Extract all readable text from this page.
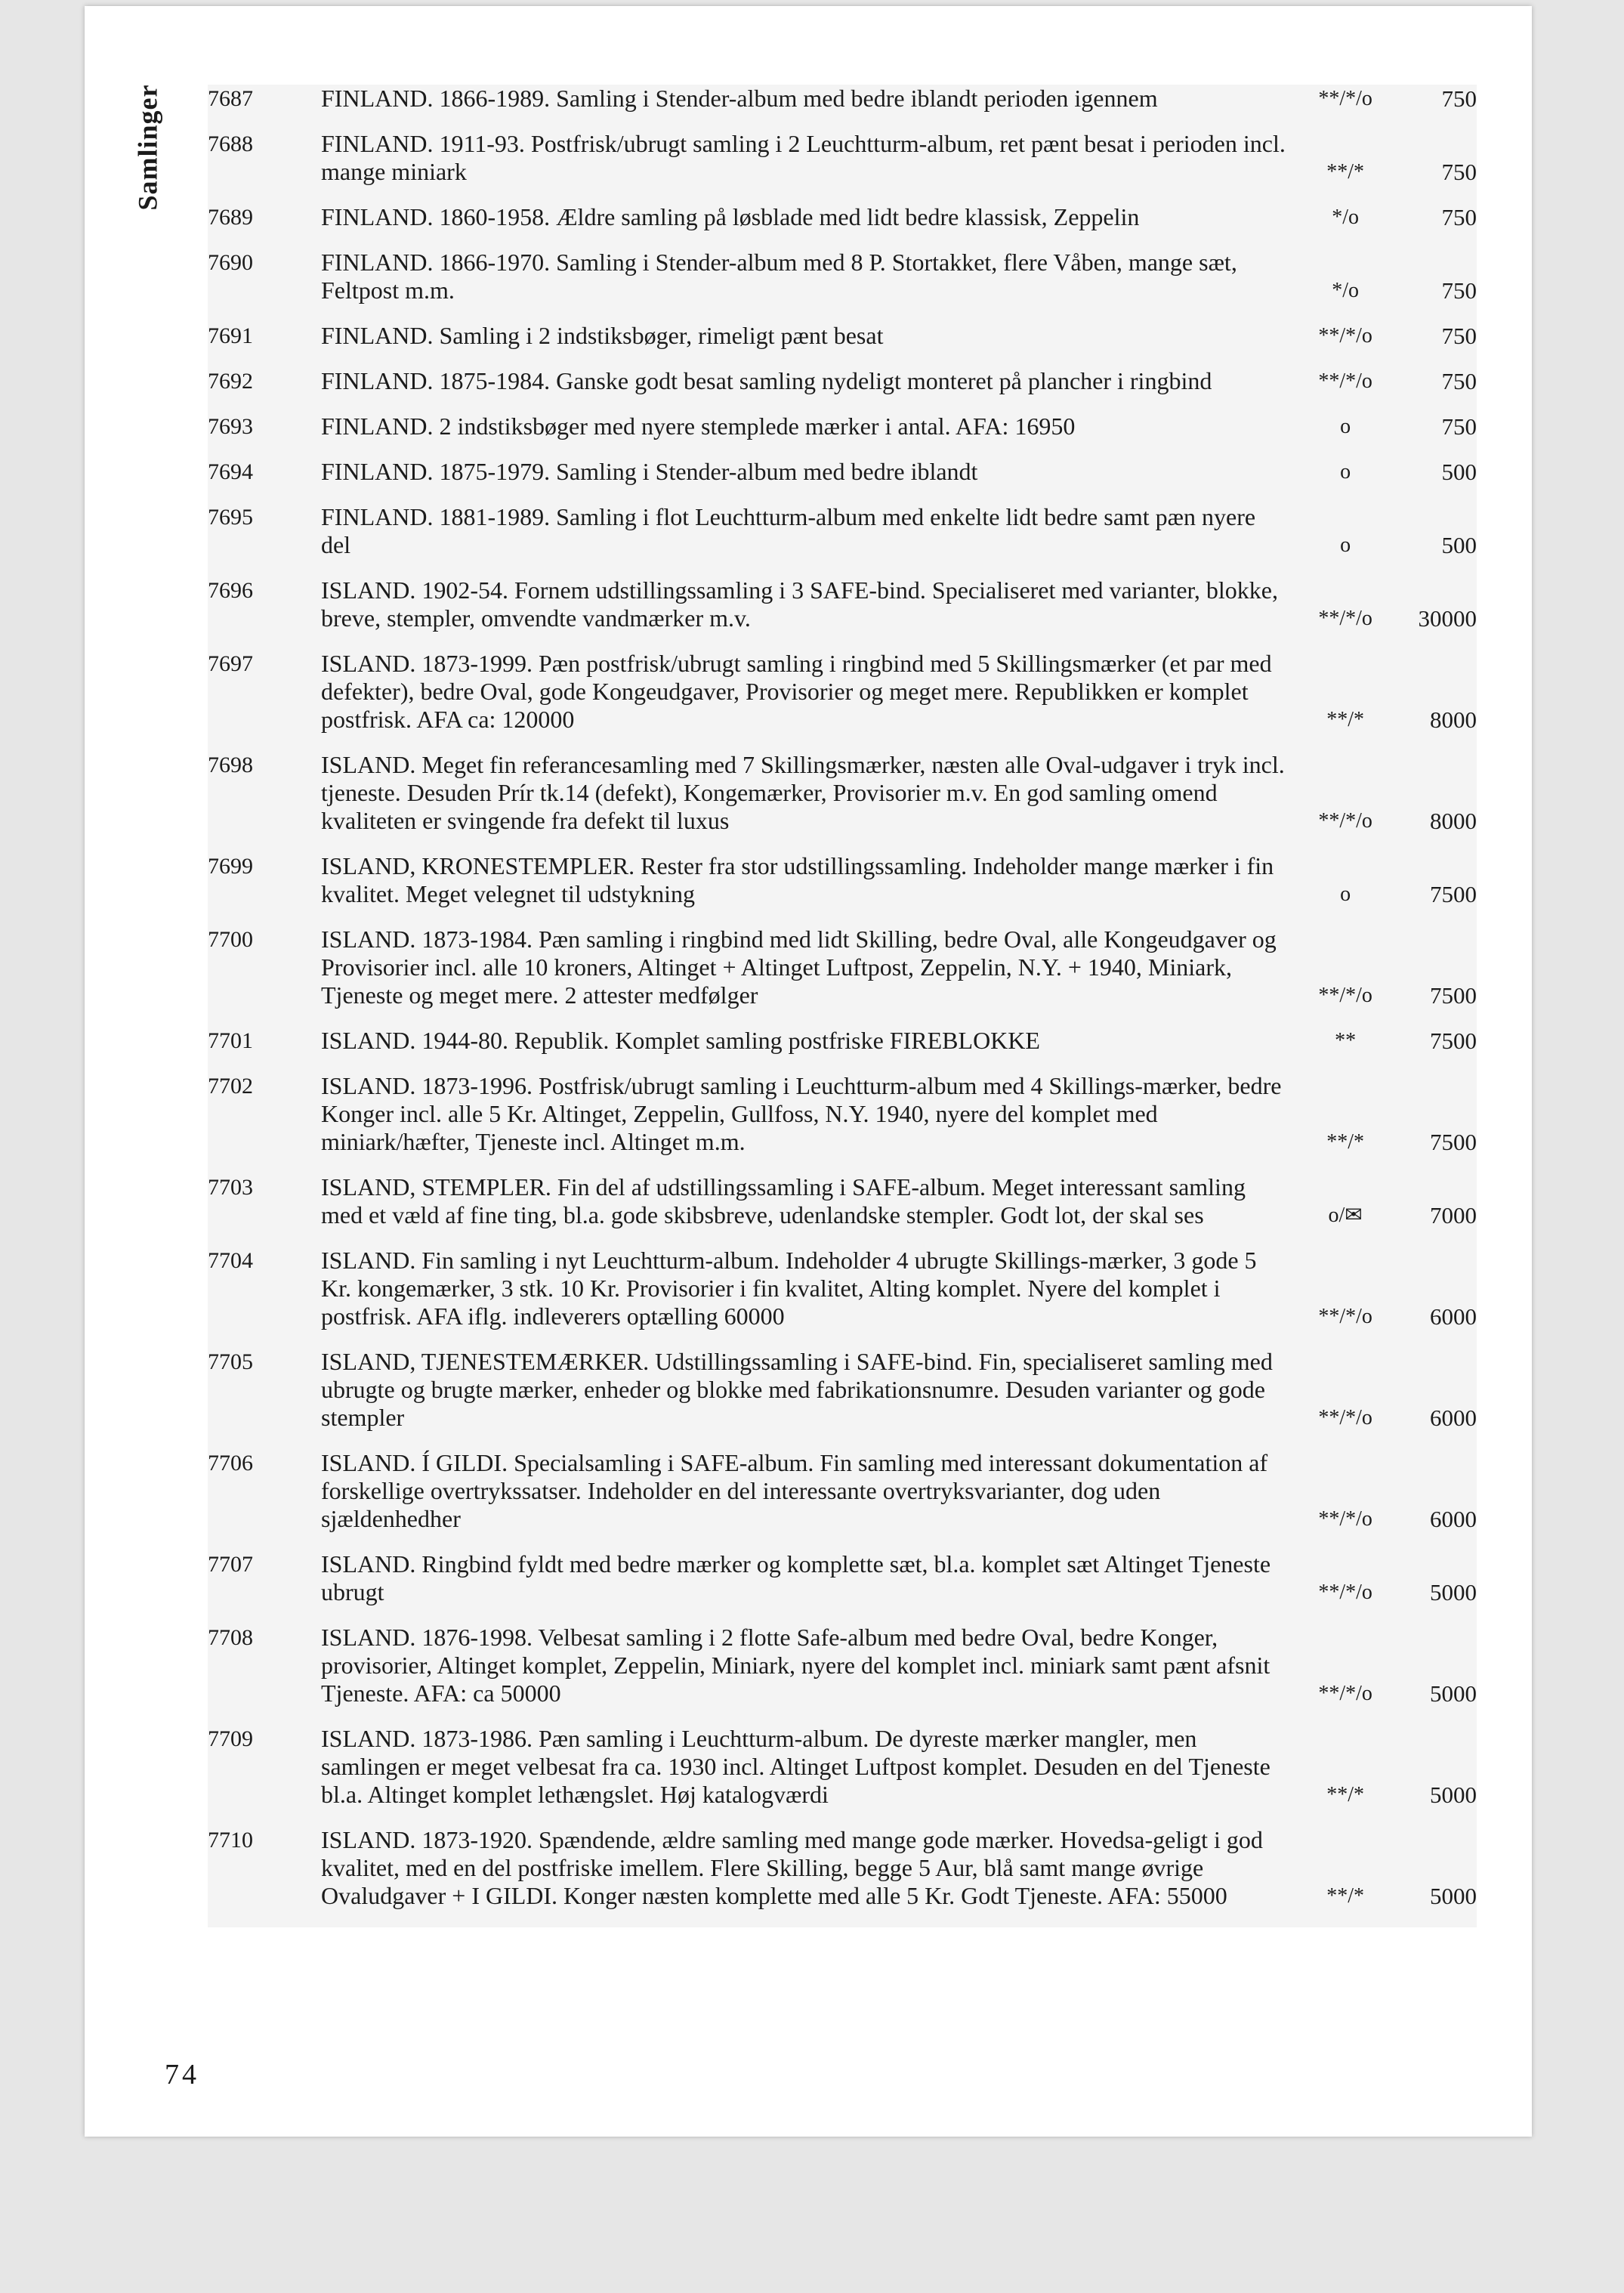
Samlinger 7687	FINLAND. 1866-1989. Samling i Stender-album med bedre iblandt perioden igennem	**/*/o	750
7688	FINLAND. 1911-93. Postfrisk/ubrugt samling i 2 Leuchtturm-album, ret pænt besat i perioden incl. mange miniark	**/*	750
7689	FINLAND. 1860-1958. Ældre samling på løsblade med lidt bedre klassisk, Zeppelin	*/o	750
7690	FINLAND. 1866-1970. Samling i Stender-album med 8 P. Stortakket, flere Våben, mange sæt, Feltpost m.m.	*/o	750
7691	FINLAND. Samling i 2 indstiksbøger, rimeligt pænt besat	**/*/o	750
7692	FINLAND. 1875-1984. Ganske godt besat samling nydeligt monteret på plancher i ringbind	**/*/o	750
7693	FINLAND. 2 indstiksbøger med nyere stemplede mærker i antal. AFA: 16950	o	750
7694	FINLAND. 1875-1979. Samling i Stender-album med bedre iblandt	o	500
7695	FINLAND. 1881-1989. Samling i flot Leuchtturm-album med enkelte lidt bedre samt pæn nyere del	o	500
7696	ISLAND. 1902-54. Fornem udstillingssamling i 3 SAFE-bind. Specialiseret med varianter, blokke, breve, stempler, omvendte vandmærker m.v.	**/*/o	30000
7697	ISLAND. 1873-1999. Pæn postfrisk/ubrugt samling i ringbind med 5 Skillingsmærker (et par med defekter), bedre Oval, gode Kongeudgaver, Provisorier og meget mere. Republikken er komplet postfrisk. AFA ca: 120000	**/*	8000
7698	ISLAND. Meget fin referancesamling med 7 Skillingsmærker, næsten alle Oval-udgaver i tryk incl. tjeneste. Desuden Prír tk.14 (defekt), Kongemærker, Provisorier m.v. En god samling omend kvaliteten er svingende fra defekt til luxus	**/*/o	8000
7699	ISLAND, KRONESTEMPLER. Rester fra stor udstillingssamling. Indeholder mange mærker i fin kvalitet. Meget velegnet til udstykning	o	7500
7700	ISLAND. 1873-1984. Pæn samling i ringbind med lidt Skilling, bedre Oval, alle Kongeudgaver og Provisorier incl. alle 10 kroners, Altinget + Altinget Luftpost, Zeppelin, N.Y. + 1940, Miniark, Tjeneste og meget mere. 2 attester medfølger	**/*/o	7500
7701	ISLAND. 1944-80. Republik. Komplet samling postfriske FIREBLOKKE	**	7500
7702	ISLAND. 1873-1996. Postfrisk/ubrugt samling i Leuchtturm-album med 4 Skillings-mærker, bedre Konger incl. alle 5 Kr. Altinget, Zeppelin, Gullfoss, N.Y. 1940, nyere del komplet med miniark/hæfter, Tjeneste incl. Altinget m.m.	**/*	7500
7703	ISLAND, STEMPLER. Fin del af udstillingssamling i SAFE-album. Meget interessant samling med et væld af fine ting, bl.a. gode skibsbreve, udenlandske stempler. Godt lot, der skal ses	o/✉	7000
7704	ISLAND. Fin samling i nyt Leuchtturm-album. Indeholder 4 ubrugte Skillings-mærker, 3 gode 5 Kr. kongemærker, 3 stk. 10 Kr. Provisorier i fin kvalitet, Alting komplet. Nyere del komplet i postfrisk. AFA iflg. indleverers optælling 60000	**/*/o	6000
7705	ISLAND, TJENESTEMÆRKER. Udstillingssamling i SAFE-bind. Fin, specialiseret samling med ubrugte og brugte mærker, enheder og blokke med fabrikationsnumre. Desuden varianter og gode stempler	**/*/o	6000
7706	ISLAND. Í GILDI. Specialsamling i SAFE-album. Fin samling med interessant dokumentation af forskellige overtrykssatser. Indeholder en del interessante overtryksvarianter, dog uden sjældenhedher	**/*/o	6000
7707	ISLAND. Ringbind fyldt med bedre mærker og komplette sæt, bl.a. komplet sæt Altinget Tjeneste ubrugt	**/*/o	5000
7708	ISLAND. 1876-1998. Velbesat samling i 2 flotte Safe-album med bedre Oval, bedre Konger, provisorier, Altinget komplet, Zeppelin, Miniark, nyere del komplet incl. miniark samt pænt afsnit Tjeneste. AFA: ca 50000	**/*/o	5000
7709	ISLAND. 1873-1986. Pæn samling i Leuchtturm-album. De dyreste mærker mangler, men samlingen er meget velbesat fra ca. 1930 incl. Altinget Luftpost komplet. Desuden en del Tjeneste bl.a. Altinget komplet lethængslet. Høj katalogværdi	**/*	5000
7710	ISLAND. 1873-1920. Spændende, ældre samling med mange gode mærker. Hovedsa-geligt i god kvalitet, med en del postfriske imellem. Flere Skilling, begge 5 Aur, blå samt mange øvrige Ovaludgaver + I GILDI. Konger næsten komplette med alle 5 Kr. Godt Tjeneste. AFA: 55000	**/*	5000
74
